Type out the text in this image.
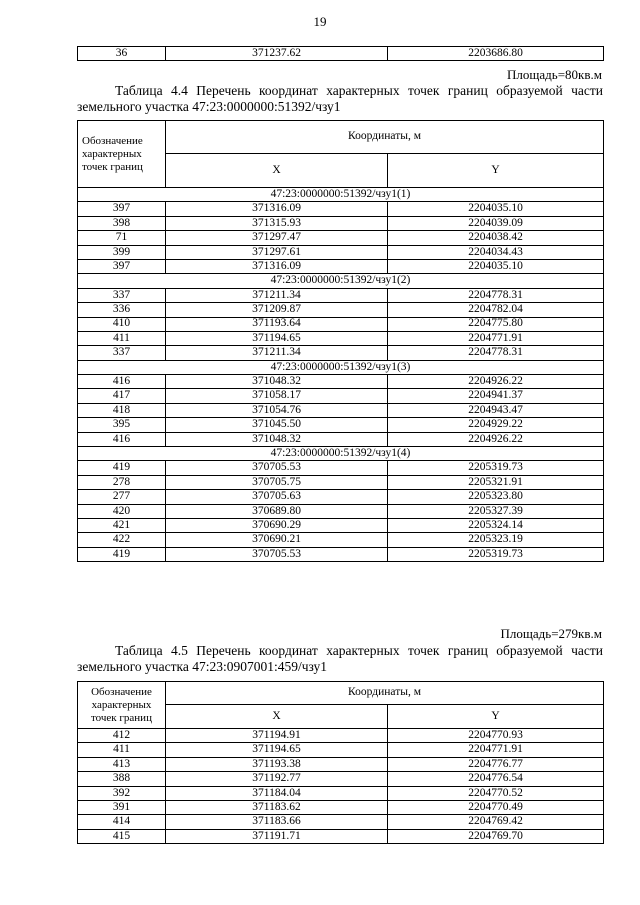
19
36	371237.62	2203686.80
Площадь=80кв.м
Таблица 4.4 Перечень координат характерных точек границ образуемой части земельного участка 47:23:0000000:51392/чзу1
Обозначение характерных точек границ	Координаты, м	
	X	Y
47:23:0000000:51392/чзу1(1)		
397	371316.09	2204035.10
398	371315.93	2204039.09
71	371297.47	2204038.42
399	371297.61	2204034.43
397	371316.09	2204035.10
47:23:0000000:51392/чзу1(2)		
337	371211.34	2204778.31
336	371209.87	2204782.04
410	371193.64	2204775.80
411	371194.65	2204771.91
337	371211.34	2204778.31
47:23:0000000:51392/чзу1(3)		
416	371048.32	2204926.22
417	371058.17	2204941.37
418	371054.76	2204943.47
395	371045.50	2204929.22
416	371048.32	2204926.22
47:23:0000000:51392/чзу1(4)		
419	370705.53	2205319.73
278	370705.75	2205321.91
277	370705.63	2205323.80
420	370689.80	2205327.39
421	370690.29	2205324.14
422	370690.21	2205323.19
419	370705.53	2205319.73
Площадь=279кв.м
Таблица 4.5 Перечень координат характерных точек границ образуемой части земельного участка 47:23:0907001:459/чзу1
Обозначение характерных точек границ	Координаты, м	
	X	Y
412	371194.91	2204770.93
411	371194.65	2204771.91
413	371193.38	2204776.77
388	371192.77	2204776.54
392	371184.04	2204770.52
391	371183.62	2204770.49
414	371183.66	2204769.42
415	371191.71	2204769.70
